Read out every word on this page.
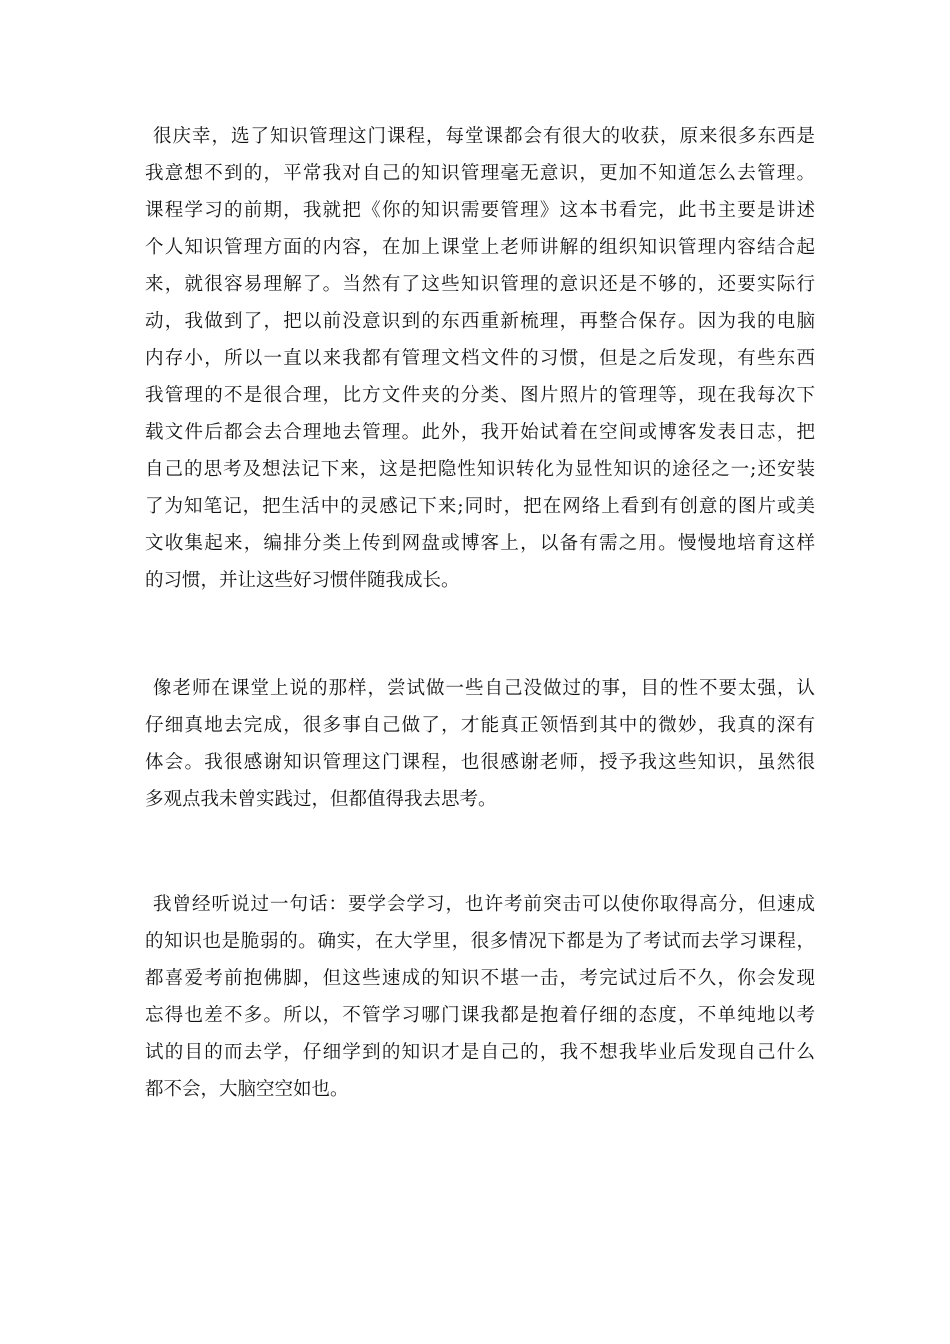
很庆幸，选了知识管理这门课程，每堂课都会有很大的收获，原来很多东西是
我意想不到的，平常我对自己的知识管理毫无意识，更加不知道怎么去管理。
课程学习的前期，我就把《你的知识需要管理》这本书看完，此书主要是讲述
个人知识管理方面的内容，在加上课堂上老师讲解的组织知识管理内容结合起
来，就很容易理解了。当然有了这些知识管理的意识还是不够的，还要实际行
动，我做到了，把以前没意识到的东西重新梳理，再整合保存。因为我的电脑
内存小，所以一直以来我都有管理文档文件的习惯，但是之后发现，有些东西
我管理的不是很合理，比方文件夹的分类、图片照片的管理等，现在我每次下
载文件后都会去合理地去管理。此外，我开始试着在空间或博客发表日志，把
自己的思考及想法记下来，这是把隐性知识转化为显性知识的途径之一;还安装
了为知笔记，把生活中的灵感记下来;同时，把在网络上看到有创意的图片或美
文收集起来，编排分类上传到网盘或博客上，以备有需之用。慢慢地培育这样
的习惯，并让这些好习惯伴随我成长。
像老师在课堂上说的那样，尝试做一些自己没做过的事，目的性不要太强，认
仔细真地去完成，很多事自己做了，才能真正领悟到其中的微妙，我真的深有
体会。我很感谢知识管理这门课程，也很感谢老师，授予我这些知识，虽然很
多观点我未曾实践过，但都值得我去思考。
我曾经听说过一句话：要学会学习，也许考前突击可以使你取得高分，但速成
的知识也是脆弱的。确实，在大学里，很多情况下都是为了考试而去学习课程，
都喜爱考前抱佛脚，但这些速成的知识不堪一击，考完试过后不久，你会发现
忘得也差不多。所以，不管学习哪门课我都是抱着仔细的态度，不单纯地以考
试的目的而去学，仔细学到的知识才是自己的，我不想我毕业后发现自己什么
都不会，大脑空空如也。
